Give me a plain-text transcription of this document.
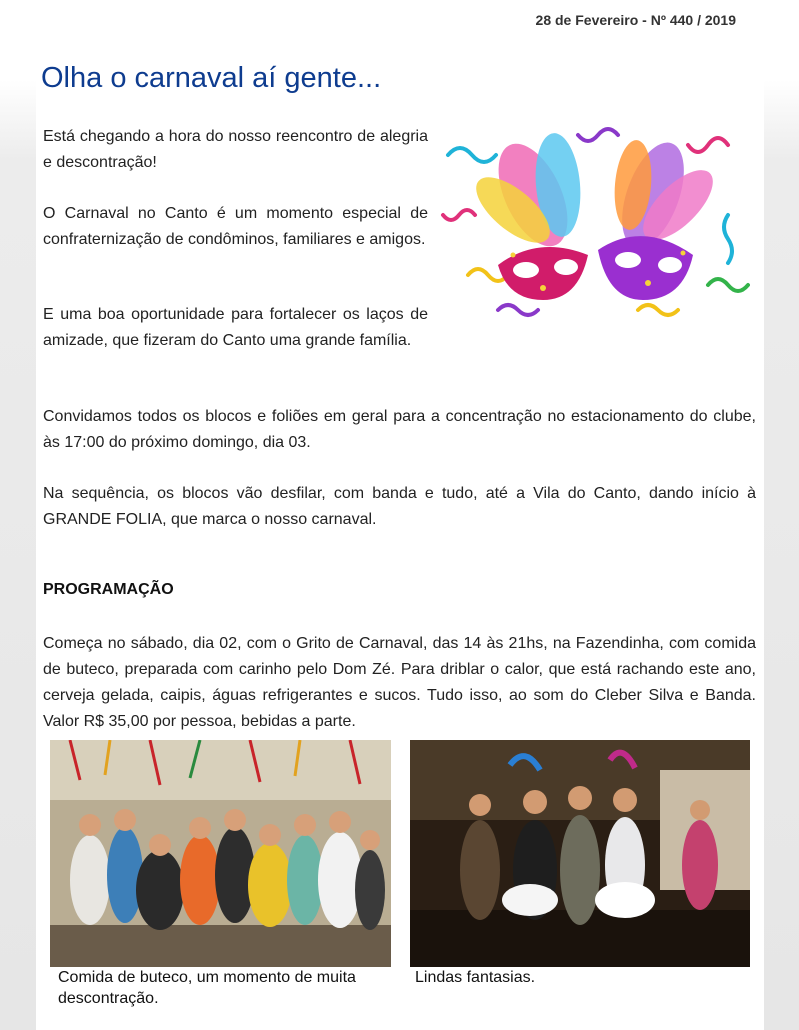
28 de Fevereiro - Nº 440 / 2019
Olha o carnaval aí gente...

Está chegando a hora do nosso reencontro de alegria e descontração!

O Carnaval no Canto é um momento especial de confraternização de condôminos, familiares e amigos.

E uma boa oportunidade para fortalecer os laços de amizade, que fizeram do Canto uma grande família.

Convidamos todos os blocos e foliões em geral para a concentração no estacionamento do clube, às 17:00 do próximo domingo, dia 03.

Na sequência, os blocos vão desfilar, com banda e tudo, até a Vila do Canto, dando início à GRANDE FOLIA, que marca o nosso carnaval.

PROGRAMAÇÃO

Começa no sábado, dia 02, com o Grito de Carnaval, das 14 às 21hs, na Fazendinha, com comida de buteco, preparada com carinho pelo Dom Zé. Para driblar o calor, que está rachando este ano, cerveja gelada, caipis, águas refrigerantes e sucos. Tudo isso, ao som do Cleber Silva e Banda. Valor R$ 35,00 por pessoa, bebidas a parte.

Comida de buteco, um momento de muita descontração.

Lindas fantasias.
